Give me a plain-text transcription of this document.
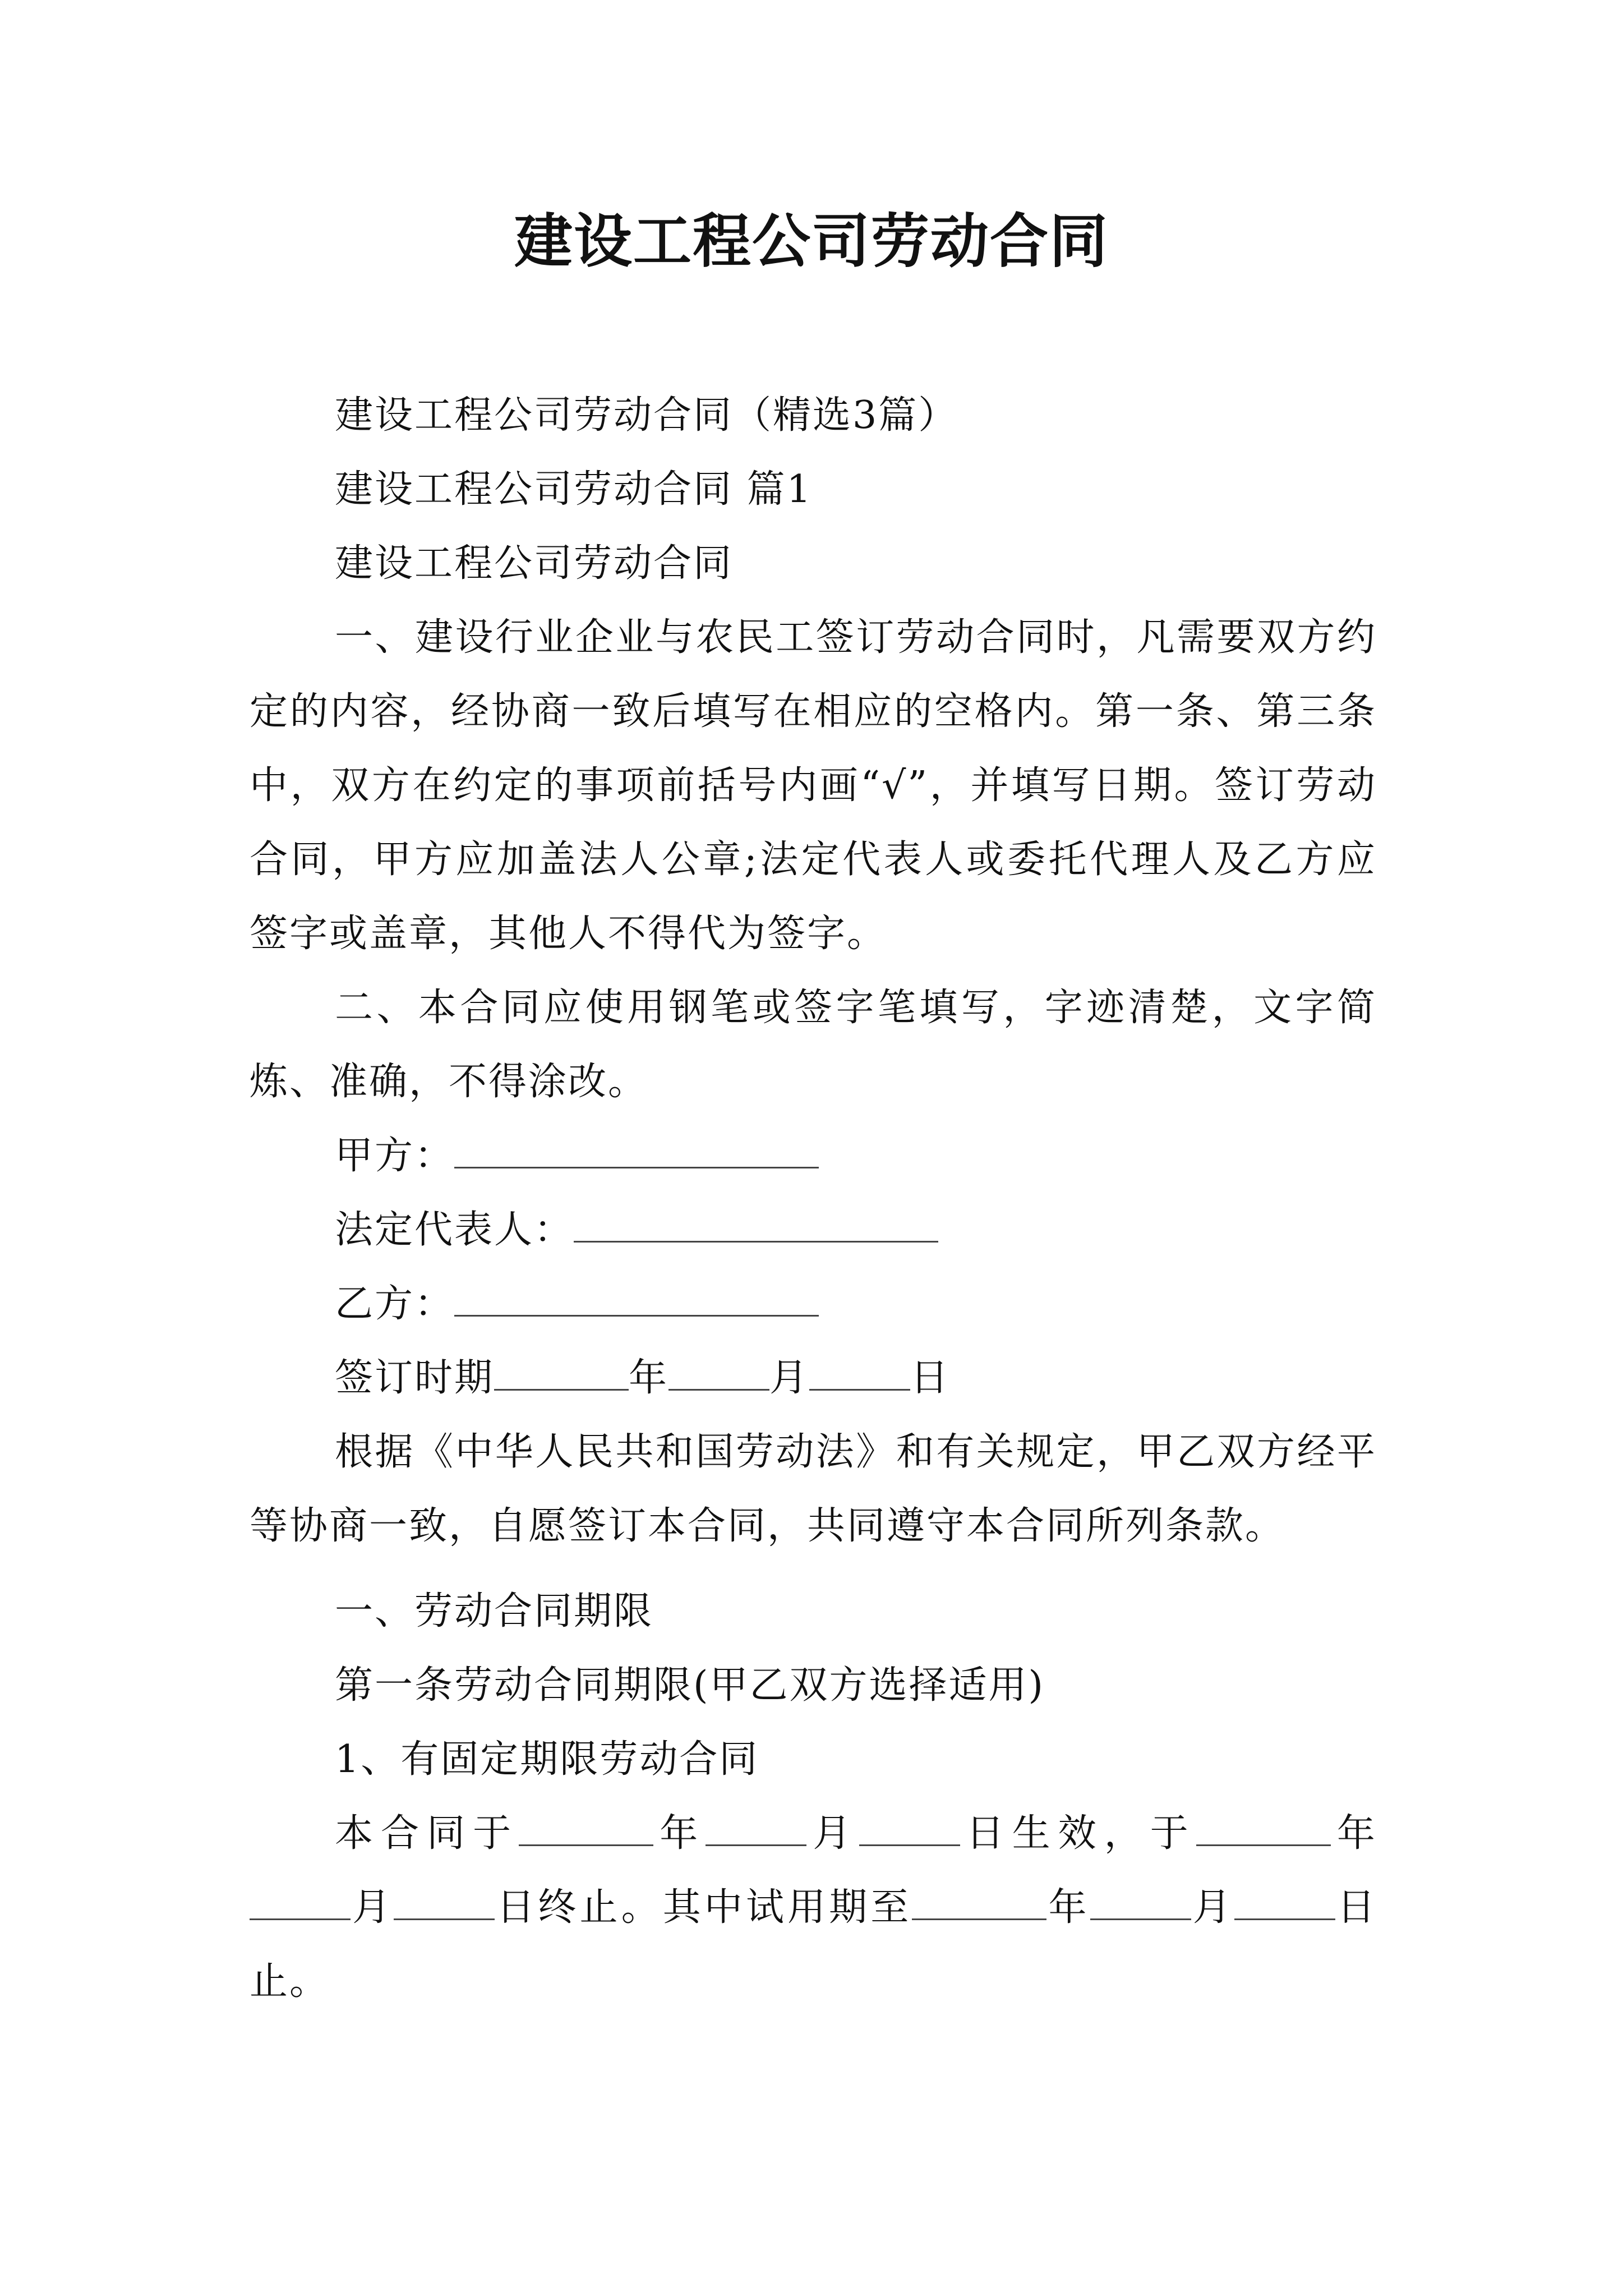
建设工程公司劳动合同

建设工程公司劳动合同（精选3篇）

建设工程公司劳动合同 篇1

建设工程公司劳动合同

一、建设行业企业与农民工签订劳动合同时，凡需要双方约定的内容，经协商一致后填写在相应的空格内。第一条、第三条中，双方在约定的事项前括号内画“√”，并填写日期。签订劳动合同，甲方应加盖法人公章;法定代表人或委托代理人及乙方应签字或盖章，其他人不得代为签字。

二、本合同应使用钢笔或签字笔填写，字迹清楚，文字简炼、准确，不得涂改。

甲方：

法定代表人：

乙方：

签订时期	年	月	日

根据《中华人民共和国劳动法》和有关规定，甲乙双方经平等协商一致，自愿签订本合同，共同遵守本合同所列条款。

一、劳动合同期限

第一条劳动合同期限(甲乙双方选择适用)

1、有固定期限劳动合同

本合同于	年	月	日生效，于	年月	日终止。其中试用期至	年	月	日止。
